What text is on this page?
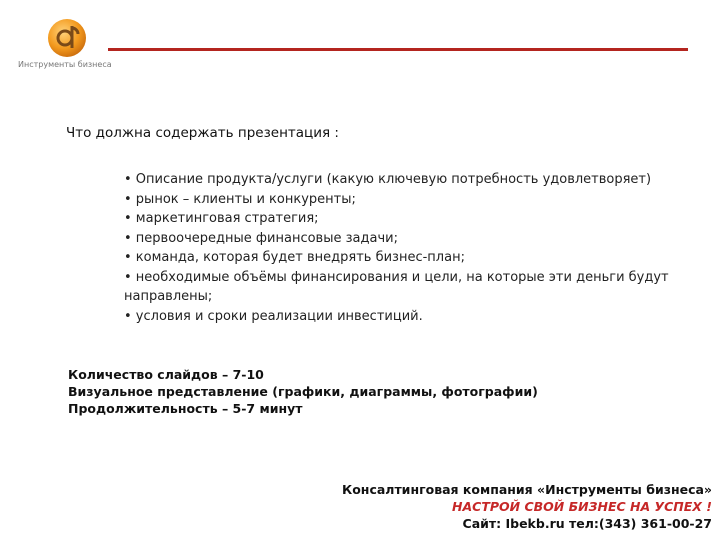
Инструменты бизнеса
Что должна содержать презентация :
• Описание продукта/услуги (какую ключевую потребность удовлетворяет)
• рынок – клиенты и конкуренты;
• маркетинговая стратегия;
• первоочередные финансовые задачи;
• команда, которая будет внедрять бизнес-план;
• необходимые объёмы финансирования и цели, на которые эти деньги будут направлены;
• условия и сроки реализации инвестиций.
Количество слайдов – 7-10
Визуальное представление (графики, диаграммы, фотографии)
Продолжительность – 5-7 минут
Консалтинговая компания «Инструменты бизнеса»
НАСТРОЙ СВОЙ БИЗНЕС НА УСПЕХ !
Сайт: Ibekb.ru тел:(343) 361-00-27
